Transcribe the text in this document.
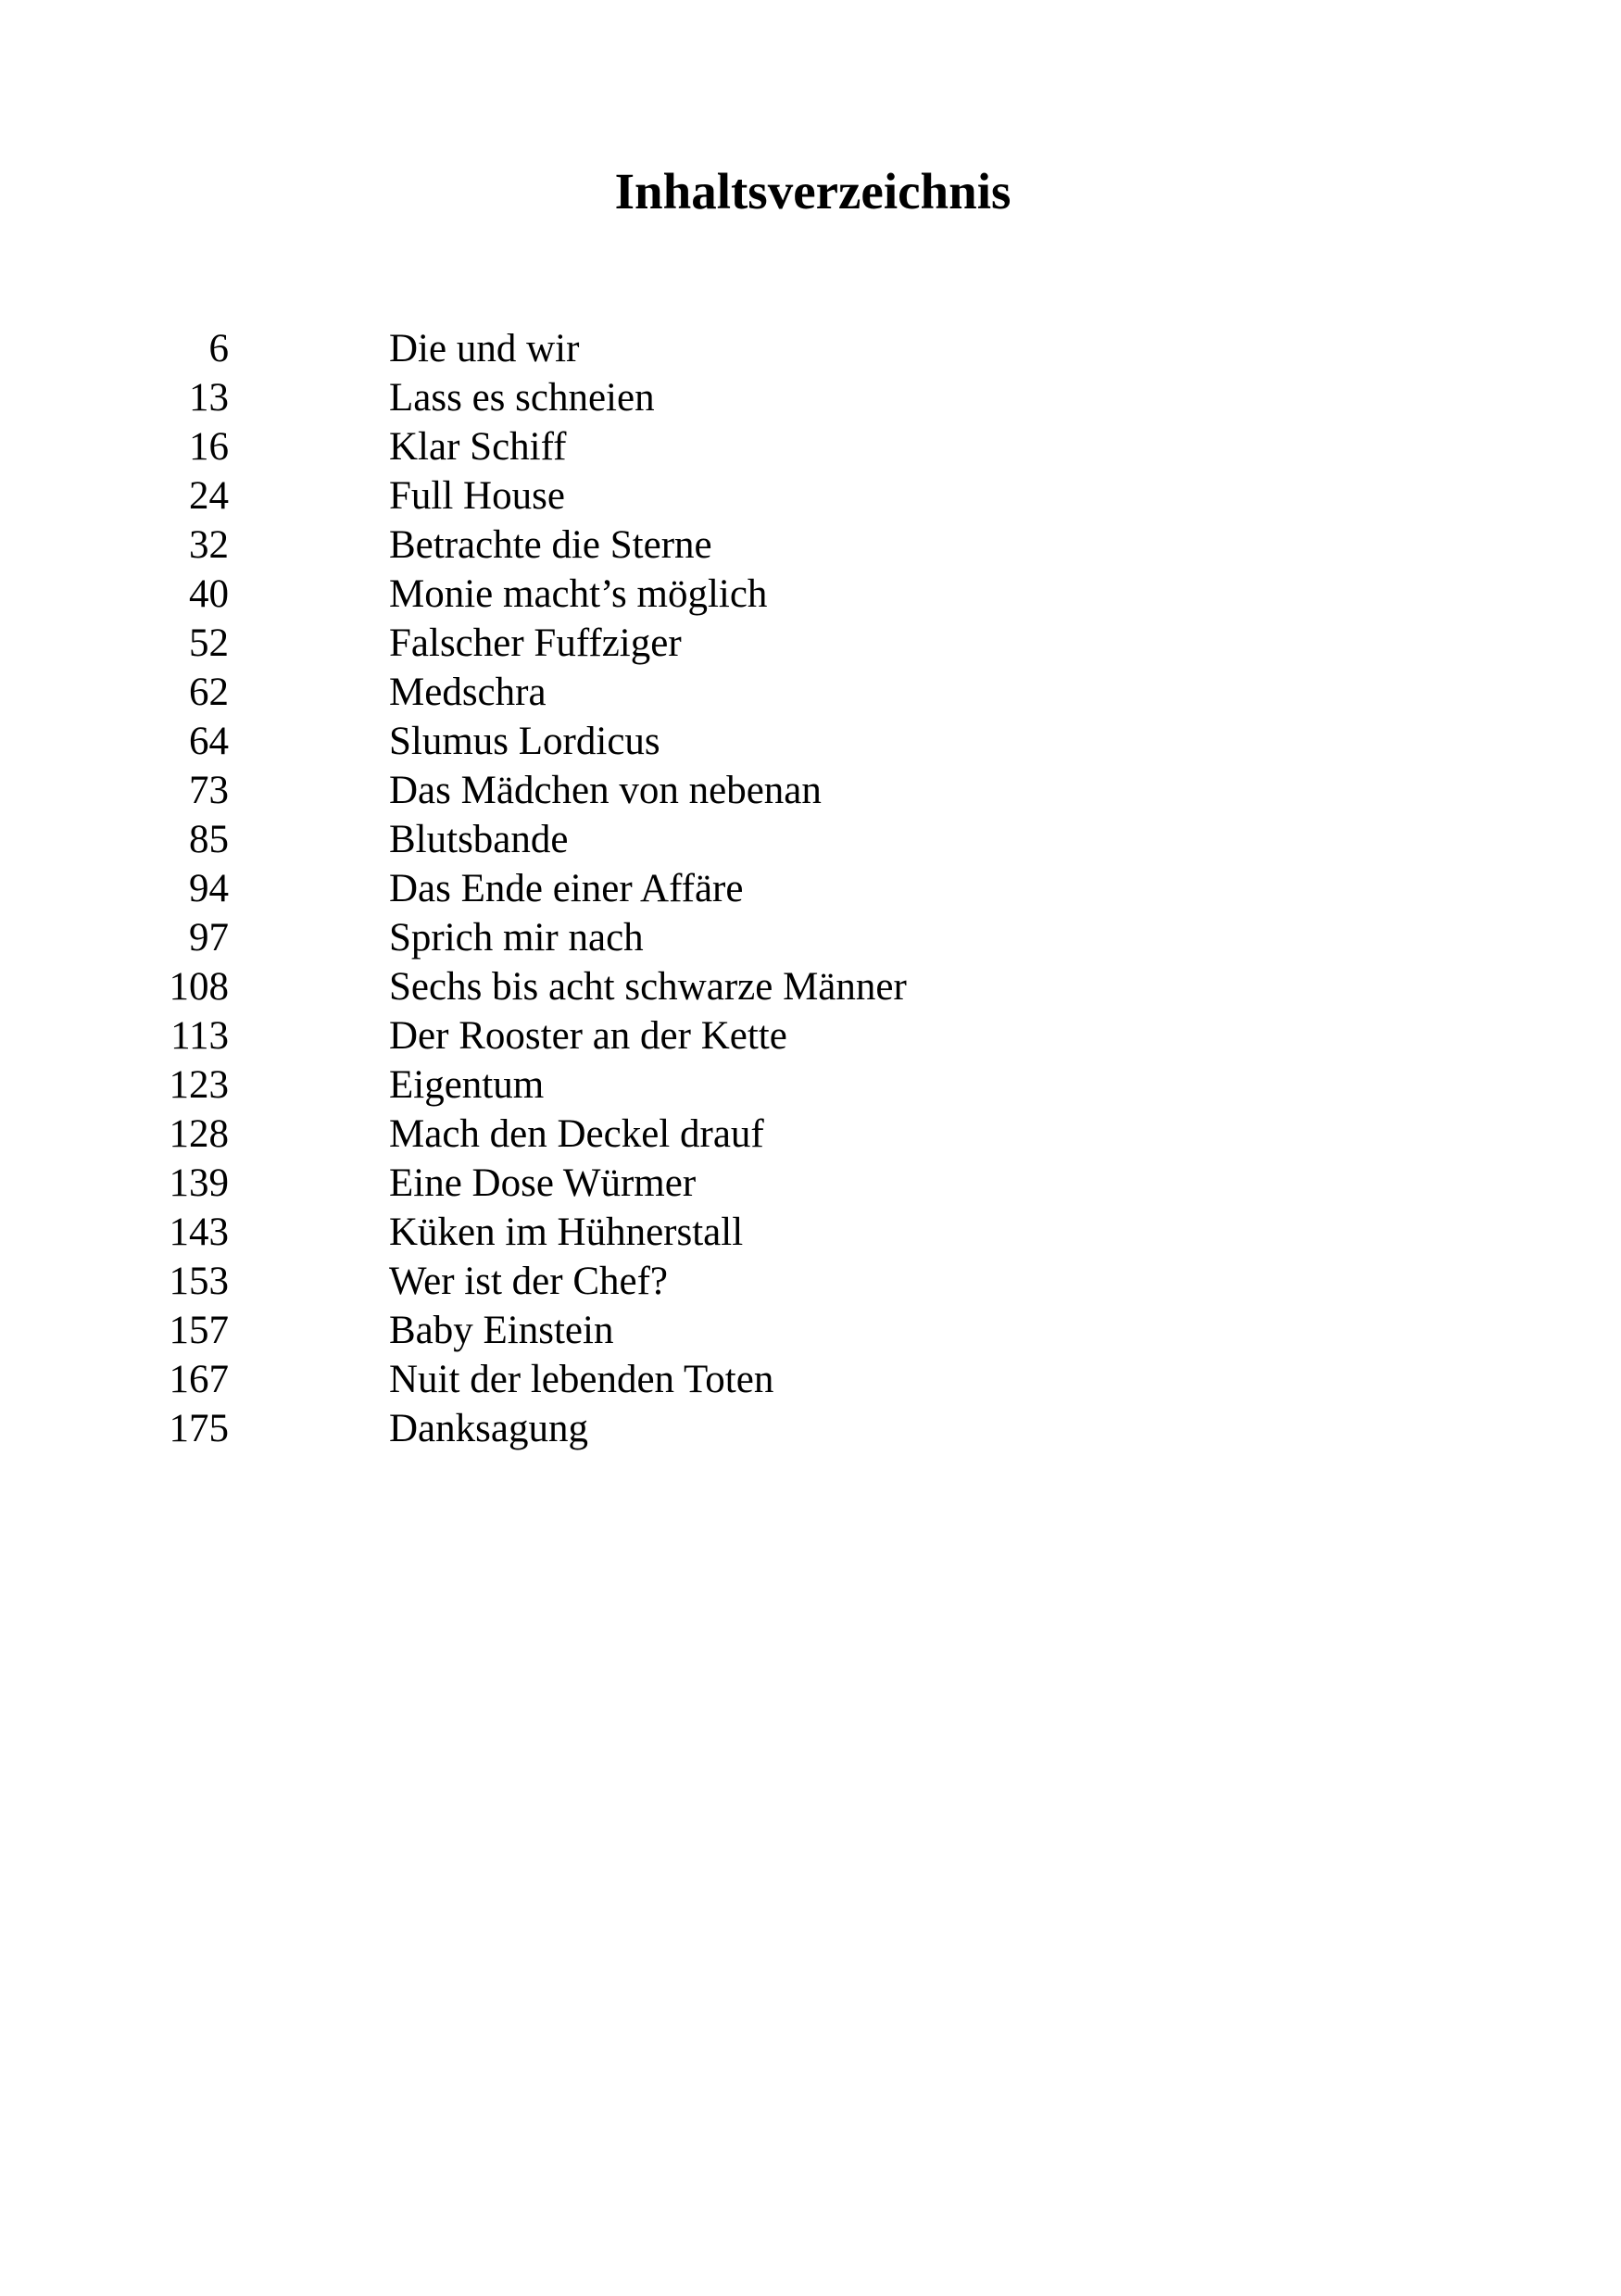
Inhaltsverzeichnis
6	Die und wir
13	Lass es schneien
16	Klar Schiff
24	Full House
32	Betrachte die Sterne
40	Monie macht’s möglich
52	Falscher Fuffziger
62	Medschra
64	Slumus Lordicus
73	Das Mädchen von nebenan
85	Blutsbande
94	Das Ende einer Affäre
97	Sprich mir nach
108	Sechs bis acht schwarze Männer
113	Der Rooster an der Kette
123	Eigentum
128	Mach den Deckel drauf
139	Eine Dose Würmer
143	Küken im Hühnerstall
153	Wer ist der Chef?
157	Baby Einstein
167	Nuit der lebenden Toten
175	Danksagung
